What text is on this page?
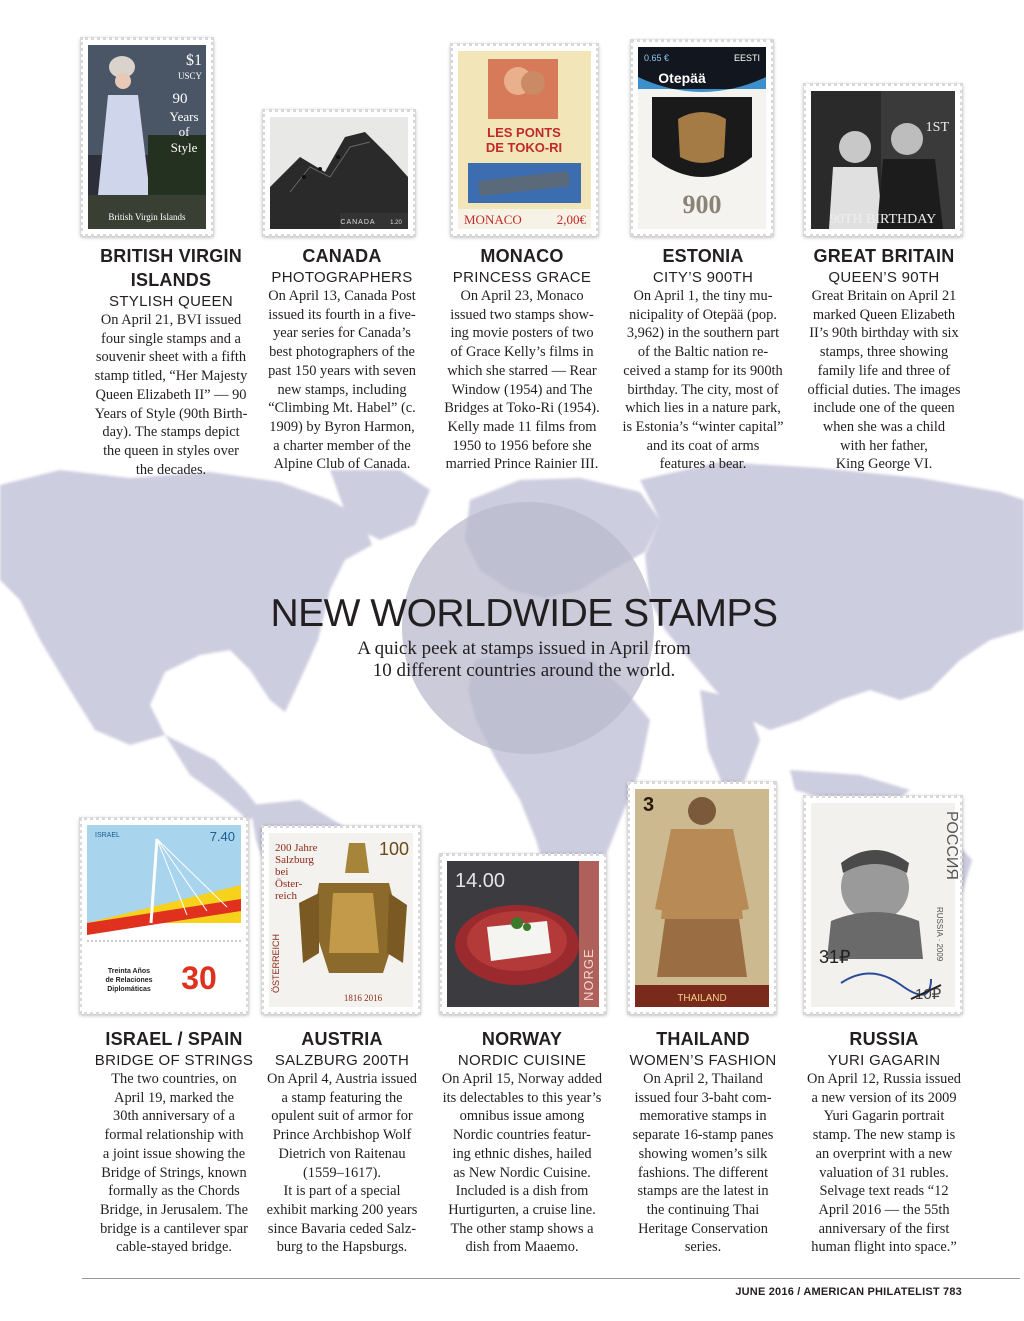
$1
USCY
90
Years
of
Style
British Virgin Islands
CANADA 1.20
LES PONTS
DE TOKO-RI
MONACO	2,00€
0.65 €	EESTI
Otepää
900
1ST
90TH BIRTHDAY
BRITISH VIRGIN
ISLANDS
STYLISH QUEEN
On April 21, BVI issued
four single stamps and a
souvenir sheet with a fifth
stamp titled, “Her Majesty
Queen Elizabeth II” — 90
Years of Style (90th Birth-
day). The stamps depict
the queen in styles over
the decades.
CANADA
PHOTOGRAPHERS
On April 13, Canada Post
issued its fourth in a five-
year series for Canada’s
best photographers of the
past 150 years with seven
new stamps, including
“Climbing Mt. Habel” (c.
1909) by Byron Harmon,
a charter member of the
Alpine Club of Canada.
MONACO
PRINCESS GRACE
On April 23, Monaco
issued two stamps show-
ing movie posters of two
of Grace Kelly’s films in
which she starred — Rear
Window (1954) and The
Bridges at Toko-Ri (1954).
Kelly made 11 films from
1950 to 1956 before she
married Prince Rainier III.
ESTONIA
CITY’S 900TH
On April 1, the tiny mu-
nicipality of Otepää (pop.
3,962) in the southern part
of the Baltic nation re-
ceived a stamp for its 900th
birthday. The city, most of
which lies in a nature park,
is Estonia’s “winter capital”
and its coat of arms
features a bear.
GREAT BRITAIN
QUEEN’S 90TH
Great Britain on April 21
marked Queen Elizabeth
II’s 90th birthday with six
stamps, three showing
family life and three of
official duties. The images
include one of the queen
when she was a child
with her father,
King George VI.
NEW WORLDWIDE STAMPS
A quick peek at stamps issued in April from
10 different countries around the world.
ISRAEL	7.40
Treinta Años
de Relaciones
Diplomáticas 30
200 Jahre
Salzburg
bei
Öster-
reich
100
ÖSTERREICH
1816 2016
14.00
NORGE
3
THAILAND
РОССИЯ
RUSSIA · 2009
31₽
10₽
ISRAEL / SPAIN
BRIDGE OF STRINGS
The two countries, on
April 19, marked the
30th anniversary of a
formal relationship with
a joint issue showing the
Bridge of Strings, known
formally as the Chords
Bridge, in Jerusalem. The
bridge is a cantilever spar
cable-stayed bridge.
AUSTRIA
SALZBURG 200TH
On April 4, Austria issued
a stamp featuring the
opulent suit of armor for
Prince Archbishop Wolf
Dietrich von Raitenau
(1559–1617).
It is part of a special
exhibit marking 200 years
since Bavaria ceded Salz-
burg to the Hapsburgs.
NORWAY
NORDIC CUISINE
On April 15, Norway added
its delectables to this year’s
omnibus issue among
Nordic countries featur-
ing ethnic dishes, hailed
as New Nordic Cuisine.
Included is a dish from
Hurtigurten, a cruise line.
The other stamp shows a
dish from Maaemo.
THAILAND
WOMEN’S FASHION
On April 2, Thailand
issued four 3-baht com-
memorative stamps in
separate 16-stamp panes
showing women’s silk
fashions. The different
stamps are the latest in
the continuing Thai
Heritage Conservation
series.
RUSSIA
YURI GAGARIN
On April 12, Russia issued
a new version of its 2009
Yuri Gagarin portrait
stamp. The new stamp is
an overprint with a new
valuation of 31 rubles.
Selvage text reads “12
April 2016 — the 55th
anniversary of the first
human flight into space.”
JUNE 2016 / AMERICAN PHILATELIST 783
